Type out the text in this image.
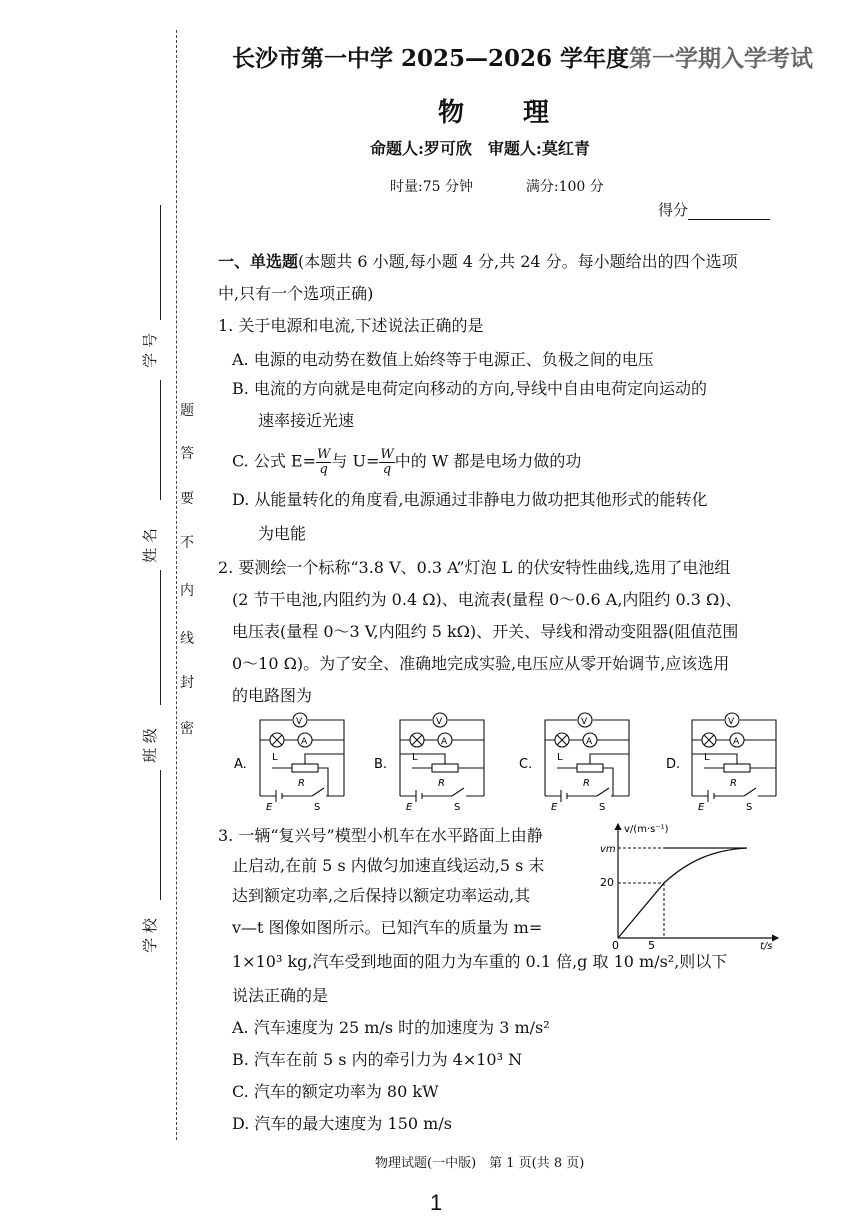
学 号
姓 名
班 级
学 校
密
封
线
内
不
要
答
题
长沙市第一中学 2025—2026 学年度第一学期入学考试
物 理
命题人:罗可欣　审题人:莫红青
时量:75 分钟	满分:100 分
得分
一、单选题(本题共 6 小题,每小题 4 分,共 24 分。每小题给出的四个选项
中,只有一个选项正确)
1. 关于电源和电流,下述说法正确的是
A. 电源的电动势在数值上始终等于电源正、负极之间的电压
B. 电流的方向就是电荷定向移动的方向,导线中自由电荷定向运动的
速率接近光速
C. 公式 $E= \frac{W}{q}$ 与 $U= \frac{W}{q}$ 中的 W 都是电场力做的功
D. 从能量转化的角度看,电源通过非静电力做功把其他形式的能转化
为电能
2. 要测绘一个标称“3.8 V、0.3 A”灯泡 L 的伏安特性曲线,选用了电池组
(2 节干电池,内阻约为 0.4 Ω)、电流表(量程 0～0.6 A,内阻约 0.3 Ω)、
电压表(量程 0～3 V,内阻约 5 kΩ)、开关、导线和滑动变阻器(阻值范围
0～10 Ω)。为了安全、准确地完成实验,电压应从零开始调节,应该选用
的电路图为
A.
V
A
L
R
E	S
B.
V
A
L
R
E	S
C.
V
A
L
R
E	S
D.
V
A
L
R
E	S
3. 一辆“复兴号”模型小机车在水平路面上由静
止启动,在前 5 s 内做匀加速直线运动,5 s 末
达到额定功率,之后保持以额定功率运动,其
v—t 图像如图所示。已知汽车的质量为 m=
1×10³ kg,汽车受到地面的阻力为车重的 0.1 倍,g 取 10 m/s²,则以下
说法正确的是
A. 汽车速度为 25 m/s 时的加速度为 3 m/s²
B. 汽车在前 5 s 内的牵引力为 4×10³ N
C. 汽车的额定功率为 80 kW
D. 汽车的最大速度为 150 m/s
v/(m·s⁻¹)
t/s
vm
20
0	5
物理试题(一中版)　第 1 页(共 8 页)
1
